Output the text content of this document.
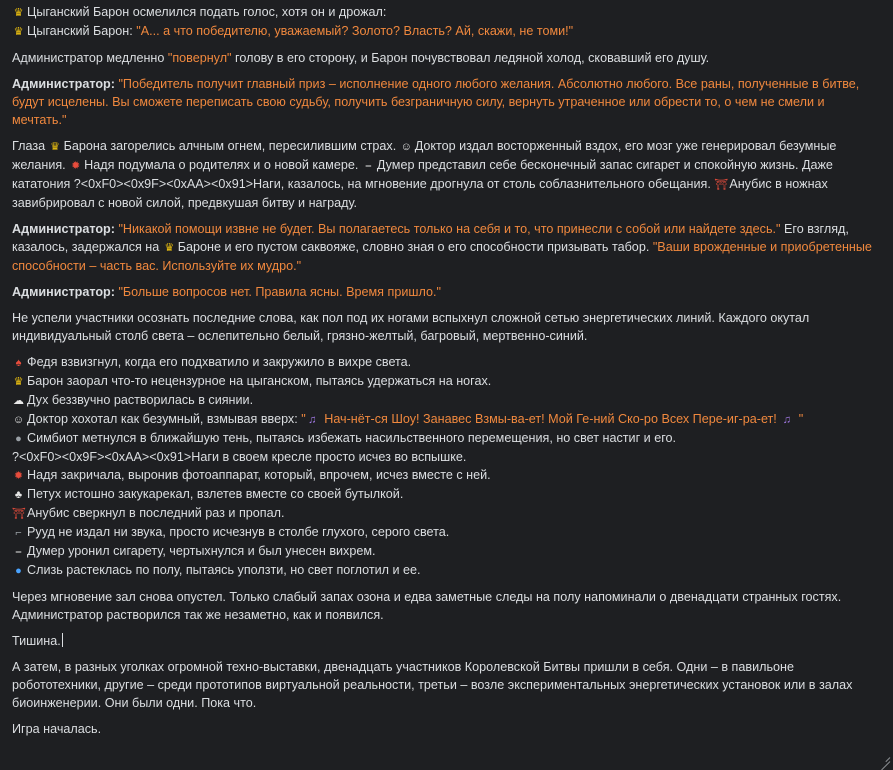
♛ Цыганский Барон осмелился подать голос, хотя он и дрожал:
♛ Цыганский Барон: "А... а что победителю, уважаемый? Золото? Власть? Ай, скажи, не томи!"

Администратор медленно "повернул" голову в его сторону, и Барон почувствовал ледяной холод, сковавший его душу.

Администратор: "Победитель получит главный приз – исполнение одного любого желания. Абсолютно любого. Все раны, полученные в битве, будут исцелены. Вы сможете переписать свою судьбу, получить безграничную силу, вернуть утраченное или обрести то, о чем не смели и мечтать."

Глаза ♛ Барона загорелись алчным огнем, пересилившим страх. ☺ Доктор издал восторженный вздох, его мозг уже генерировал безумные желания. ✹ Надя подумала о родителях и о новой камере. ⎯ Думер представил себе бесконечный запас сигарет и спокойную жизнь. Даже кататония ?<0xF0><0x9F><0xAA><0x91>Наги, казалось, на мгновение дрогнула от столь соблазнительного обещания. ⛩Анубис в ножнах завибрировал с новой силой, предвкушая битву и награду.

Администратор: "Никакой помощи извне не будет. Вы полагаетесь только на себя и то, что принесли с собой или найдете здесь." Его взгляд, казалось, задержался на ♛ Бароне и его пустом саквояже, словно зная о его способности призывать табор. "Ваши врожденные и приобретенные способности – часть вас. Используйте их мудро."

Администратор: "Больше вопросов нет. Правила ясны. Время пришло."

Не успели участники осознать последние слова, как пол под их ногами вспыхнул сложной сетью энергетических линий. Каждого окутал индивидуальный столб света – ослепительно белый, грязно-желтый, багровый, мертвенно-синий.

♠ Федя взвизгнул, когда его подхватило и закружило в вихре света.
♛ Барон заорал что-то нецензурное на цыганском, пытаясь удержаться на ногах.
☁ Дух беззвучно растворилась в сиянии.
☺ Доктор хохотал как безумный, взмывая вверх: " ♫ Нач-нёт-ся Шоу! Занавес Взмы-ва-ет! Мой Ге-ний Ско-ро Всех Пере-иг-ра-ет! ♫ "
● Симбиот метнулся в ближайшую тень, пытаясь избежать насильственного перемещения, но свет настиг и его.
?<0xF0><0x9F><0xAA><0x91>Наги в своем кресле просто исчез во вспышке.
✹ Надя закричала, выронив фотоаппарат, который, впрочем, исчез вместе с ней.
♣ Петух истошно закукарекал, взлетев вместе со своей бутылкой.
⛩Анубис сверкнул в последний раз и пропал.
⌐ Рууд не издал ни звука, просто исчезнув в столбе глухого, серого света.
⎯ Думер уронил сигарету, чертыхнулся и был унесен вихрем.
● Слизь растеклась по полу, пытаясь уползти, но свет поглотил и ее.

Через мгновение зал снова опустел. Только слабый запах озона и едва заметные следы на полу напоминали о двенадцати странных гостях. Администратор растворился так же незаметно, как и появился.

Тишина.

А затем, в разных уголках огромной техно-выставки, двенадцать участников Королевской Битвы пришли в себя. Одни – в павильоне робототехники, другие – среди прототипов виртуальной реальности, третьи – возле экспериментальных энергетических установок или в залах биоинженерии. Они были одни. Пока что.

Игра началась.
